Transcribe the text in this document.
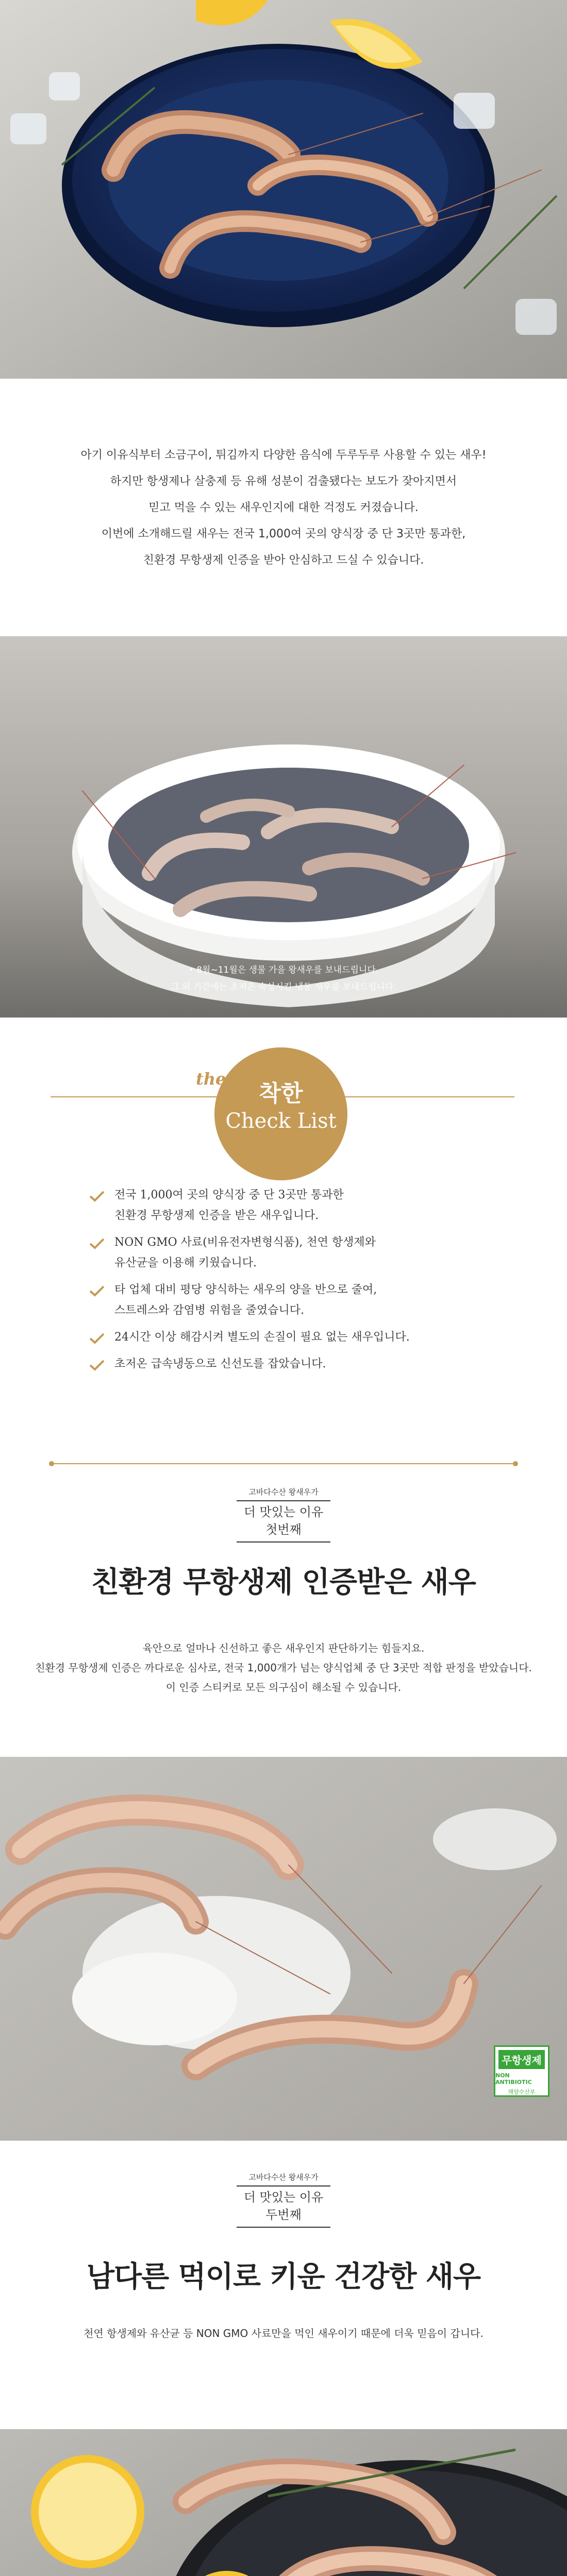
아기 이유식부터 소금구이, 튀김까지 다양한 음식에 두루두루 사용할 수 있는 새우!

하지만 항생제나 살충제 등 유해 성분이 검출됐다는 보도가 잦아지면서

믿고 먹을 수 있는 새우인지에 대한 걱정도 커졌습니다.

이번에 소개해드릴 새우는 전국 1,000여 곳의 양식장 중 단 3곳만 통과한,

친환경 무항생제 인증을 받아 안심하고 드실 수 있습니다.

• 8월~11월은 생물 가을 왕새우를 보내드립니다.
그 외 기간에는 초저온 숙성시킨 냉동 새우를 보내드립니다.
the
착한
Check List
전국 1,000여 곳의 양식장 중 단 3곳만 통과한
친환경 무항생제 인증을 받은 새우입니다.
NON GMO 사료(비유전자변형식품), 천연 항생제와
유산균을 이용해 키웠습니다.
타 업체 대비 평당 양식하는 새우의 양을 반으로 줄여,
스트레스와 감염병 위험을 줄였습니다.
24시간 이상 해감시켜 별도의 손질이 필요 없는 새우입니다.
초저온 급속냉동으로 신선도를 잡았습니다.
고바다수산 왕새우가
더 맛있는 이유
첫번째
친환경 무항생제 인증받은 새우

육안으로 얼마나 신선하고 좋은 새우인지 판단하기는 힘들지요.

친환경 무항생제 인증은 까다로운 심사로, 전국 1,000개가 넘는 양식업체 중 단 3곳만 적합 판정을 받았습니다.

이 인증 스티커로 모든 의구심이 해소될 수 있습니다.

무항생제
NON ANTIBIOTIC
해양수산부
고바다수산 왕새우가
더 맛있는 이유
두번째
남다른 먹이로 키운 건강한 새우

천연 항생제와 유산균 등 NON GMO 사료만을 먹인 새우이기 때문에 더욱 믿음이 갑니다.
